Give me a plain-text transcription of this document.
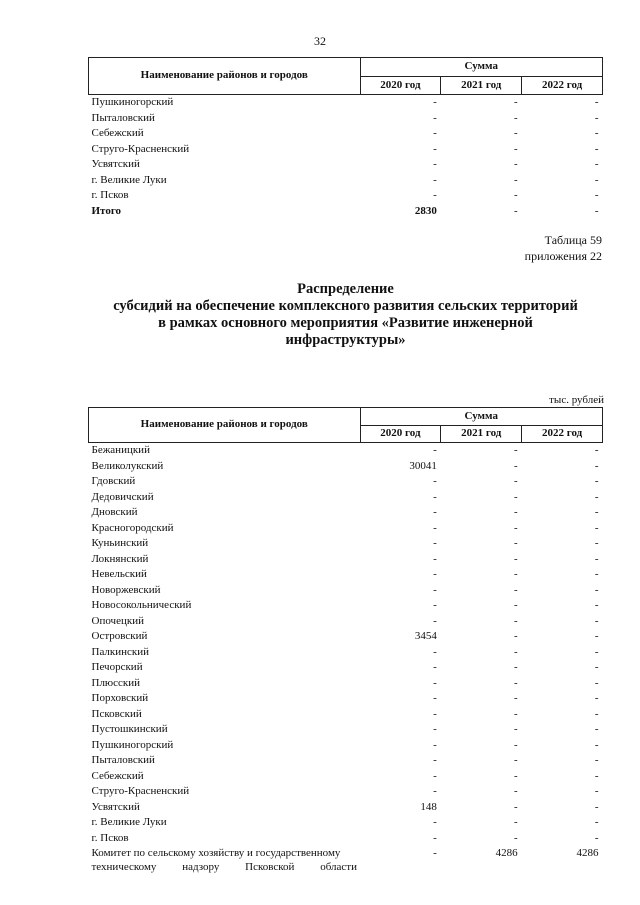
32
Наименование районов и городов	Сумма		
	2020 год	2021 год	2022 год
Пушкиногорский	-	-	-
Пыталовский	-	-	-
Себежский	-	-	-
Струго-Красненский	-	-	-
Усвятский	-	-	-
г. Великие Луки	-	-	-
г. Псков	-	-	-
Итого	2830	-	-
Таблица 59
приложения 22
Распределение
субсидий на обеспечение комплексного развития сельских территорий
в рамках основного мероприятия «Развитие инженерной
инфраструктуры»
тыс. рублей
Наименование районов и городов	Сумма		
	2020 год	2021 год	2022 год
Бежаницкий	-	-	-
Великолукский	30041	-	-
Гдовский	-	-	-
Дедовичский	-	-	-
Дновский	-	-	-
Красногородский	-	-	-
Куньинский	-	-	-
Локнянский	-	-	-
Невельский	-	-	-
Новоржевский	-	-	-
Новосокольнический	-	-	-
Опочецкий	-	-	-
Островский	3454	-	-
Палкинский	-	-	-
Печорский	-	-	-
Плюсский	-	-	-
Порховский	-	-	-
Псковский	-	-	-
Пустошкинский	-	-	-
Пушкиногорский	-	-	-
Пыталовский	-	-	-
Себежский	-	-	-
Струго-Красненский	-	-	-
Усвятский	148	-	-
г. Великие Луки	-	-	-
г. Псков	-	-	-

Комитет по сельскому хозяйству и государственному
техническому надзору Псковской области	-	4286	4286
